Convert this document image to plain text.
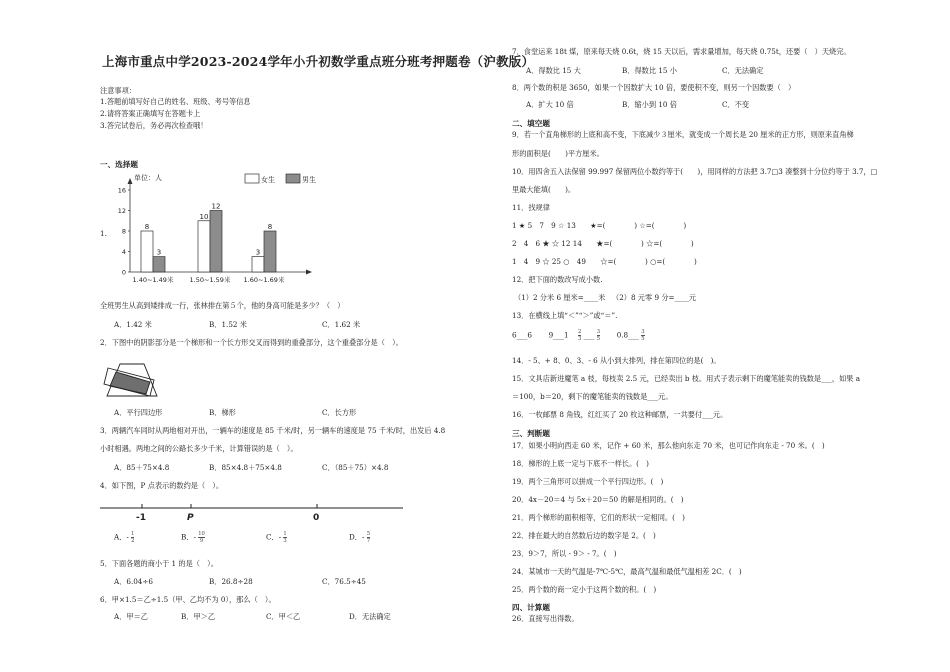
上海市重点中学2023-2024学年小升初数学重点班分班考押题卷（沪教版）
注意事项：
1.答题前填写好自己的姓名、班级、考号等信息
2.请将答案正确填写在答题卡上
3.答完试卷后，务必再次检查哦！
一、选择题
1.
单位：人	女生	男生
0
4
8
12
16
8
3
10
12
3
8
1.40~1.49米 1.50~1.59米 1.60~1.69米
全班男生从高到矮排成一行，张林排在第５个，他的身高可能是多少？（　）
A．1.42 米	B．1.52 米	C．1.62 米
2．下图中的阴影部分是一个梯形和一个长方形交叉而得到的重叠部分，这个重叠部分是（　）。
A．平行四边形	B．梯形	C．长方形
3．两辆汽车同时从两地相对开出，一辆车的速度是 85 千米/时，另一辆车的速度是 75 千米/时，出发后 4.8
小时相遇。两地之间的公路长多少千米，计算错误的是（　）。
A．85＋75×4.8	B．85×4.8＋75×4.8	C．（85＋75）×4.8
4．如下图，P 点表示的数约是（　）。
-1	P	0
A．- $\frac{1}{2}$	B．- $\frac{10}{9}$	C．- $\frac{1}{3}$	D．- $\frac{5}{7}$
5．下面各题的商小于 1 的是（　）。
A．6.04÷6	B．26.8÷28	C．76.5÷45
6．甲×1.5＝乙÷1.5（甲、乙均不为 0），那么（　）。
A．甲＝乙	B．甲＞乙	C．甲＜乙	D．无法确定
7．食堂运来 18t 煤，原来每天烧 0.6t，烧 15 天以后，需求量增加，每天烧 0.75t，还要（　）天烧完。
A．得数比 15 大	B．得数比 15 小	C．无法确定
8．两个数的积是 3650，如果一个因数扩大 10 倍，要使积不变，则另一个因数要（　）
A．扩大 10 倍	B．缩小到 10 倍	C．不变
二、填空题
9．若一个直角梯形的上底和高不变，下底减少３厘米，就变成一个周长是 20 厘米的正方形，则原来直角梯
形的面积是(　　)平方厘米。
10．用四舍五入法保留 99.997 保留两位小数约等于(　　)，用同样的方法把 3.7□3 凑整到十分位约等于 3.7，□
里最大能填(　　)。
11．找规律
1 ★ 5　7　9 ☆ 13　　★=(　　　　) ☆=(　　　　)
2　4　6 ★ ☆ 12 14　　★=(　　　　) ☆=(　　　　)
1　4　9 ☆ 25 ○　49　　☆=(　　　　) ○=(　　　　)
12．把下面的数改写成小数.
（1）2 分米 6 厘米=____米 （2）8 元零 9 分=____元
13．在横线上填“＜”“＞”或“＝”.
6___6　　 9___1　 $\frac{2}{3}$ ___ $\frac{3}{5}$
　　 0.8___ $\frac{3}{5}$
14．- 5、+ 8、0、3、- 6 从小到大排列，排在第四位的是(　)。
15．文具店新进魔笔 a 枝，每枝卖 2.5 元，已经卖出 b 枝。用式子表示剩下的魔笔能卖的钱数是___，如果 a
＝100，b＝20，剩下的魔笔能卖的钱数是___元。
16．一枚邮票 8 角钱，红红买了 20 枚这种邮票，一共要付___元。
三、判断题
17．如果小明向西走 60 米，记作 + 60 米，那么他向东走 70 米，也可记作向东走 - 70 米。(　)
18．梯形的上底一定与下底不一样长。(　)
19．两个三角形可以拼成一个平行四边形。(　)
20．4x－20＝4 与 5x＋20＝50 的解是相同的。(　)
21．两个梯形的面积相等，它们的形状一定相同。(　)
22．排在最大的自然数后边的数字是 2。(　)
23．9＞7，所以 - 9＞ - 7。(　)
24．某城市一天的气温是-7℃-5℃，最高气温和最低气温相差 2C．(　)
25．两个数的商一定小于这两个数的积。(　)
四、计算题
26．直接写出得数。
